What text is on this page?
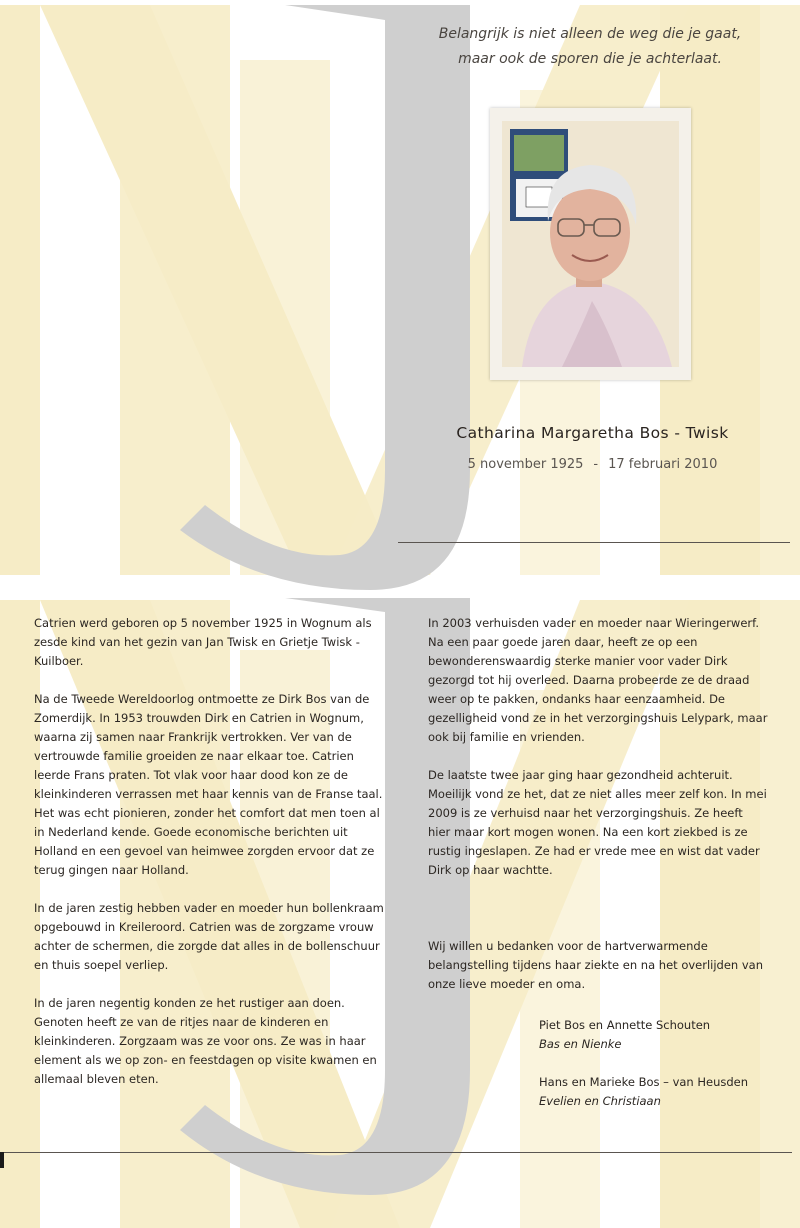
Belangrijk is niet alleen de weg die je gaat,

maar ook de sporen die je achterlaat.

Catharina Margaretha Bos - Twisk
5 november 1925 - 17 februari 2010

Catrien werd geboren op 5 november 1925 in Wognum als zesde kind van het gezin van Jan Twisk en Grietje Twisk - Kuilboer.

Na de Tweede Wereldoorlog ontmoette ze Dirk Bos van de Zomerdijk. In 1953 trouwden Dirk en Catrien in Wognum, waarna zij samen naar Frankrijk vertrokken. Ver van de vertrouwde familie groeiden ze naar elkaar toe. Catrien leerde Frans praten. Tot vlak voor haar dood kon ze de kleinkinderen verrassen met haar kennis van de Franse taal. Het was echt pionieren, zonder het comfort dat men toen al in Nederland kende. Goede economische berichten uit Holland en een gevoel van heimwee zorgden ervoor dat ze terug gingen naar Holland.

In de jaren zestig hebben vader en moeder hun bollenkraam opgebouwd in Kreileroord. Catrien was de zorgzame vrouw achter de schermen, die zorgde dat alles in de bollenschuur en thuis soepel verliep.

In de jaren negentig konden ze het rustiger aan doen. Genoten heeft ze van de ritjes naar de kinderen en kleinkinderen. Zorgzaam was ze voor ons. Ze was in haar element als we op zon- en feestdagen op visite kwamen en allemaal bleven eten.

In 2003 verhuisden vader en moeder naar Wieringerwerf. Na een paar goede jaren daar, heeft ze op een bewonderenswaardig sterke manier voor vader Dirk gezorgd tot hij overleed. Daarna probeerde ze de draad weer op te pakken, ondanks haar eenzaamheid. De gezelligheid vond ze in het verzorgingshuis Lelypark, maar ook bij familie en vrienden.

De laatste twee jaar ging haar gezondheid achteruit. Moeilijk vond ze het, dat ze niet alles meer zelf kon. In mei 2009 is ze verhuisd naar het verzorgingshuis. Ze heeft hier maar kort mogen wonen. Na een kort ziekbed is ze rustig ingeslapen. Ze had er vrede mee en wist dat vader Dirk op haar wachtte.

Wij willen u bedanken voor de hartverwarmende belangstelling tijdens haar ziekte en na het overlijden van onze lieve moeder en oma.

Piet Bos en Annette Schouten
Bas en Nienke
Hans en Marieke Bos – van Heusden
Evelien en Christiaan
